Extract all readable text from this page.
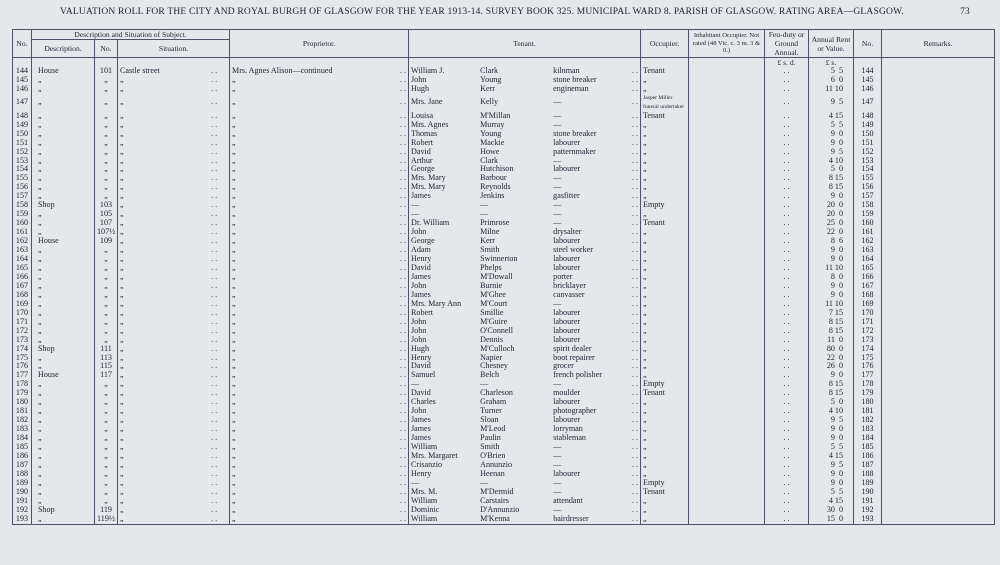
VALUATION ROLL FOR THE CITY AND ROYAL BURGH OF GLASGOW FOR THE YEAR 1913-14. SURVEY BOOK 325. MUNICIPAL WARD 8. PARISH OF GLASGOW. RATING AREA—GLASGOW.	73
No.	Description and Situation of Subject.			Proprietor.	Tenant.	Occupier.	Inhabitant Occupier. Not rated (48 Vic. c. 3 m. 3 & 0.)	Feu-duty or Ground Annual.	Annual Rent or Value.	No.	Remarks.
	Description.	No.	Situation.								
								£ s. d.	£ s.		
144	House	101	Castle street . .	Mrs. Agnes Alison—continued . .	William J. Clark kilnman . .	Tenant		. .	5  5	144	
145	„	„	„ . .	„ . .	John Young stone breaker . .	„		. .	6  0	145	
146	„	„	„ . .	„ . .	Hugh Kerr engineman . .	„		. .	11 10	146	
147	„	„	„ . .	„ . .	Mrs. Jane Kelly — . .	Jasper Miller funeral undertaker		. .	9  5	147	
148	„	„	„ . .	„ . .	Louisa M'Millan — . .	Tenant		. .	4 15	148	
149	„	„	„ . .	„ . .	Mrs. Agnes Murray — . .	„		. .	5  5	149	
150	„	„	„ . .	„ . .	Thomas Young stone breaker . .	„		. .	9  0	150	
151	„	„	„ . .	„ . .	Robert Mackie labourer . .	„		. .	9  0	151	
152	„	„	„ . .	„ . .	David Howe patternmaker . .	„		. .	9  5	152	
153	„	„	„ . .	„ . .	Arthur Clark — . .	„		. .	4 10	153	
154	„	„	„ . .	„ . .	George Hutchison labourer . .	„		. .	5  0	154	
155	„	„	„ . .	„ . .	Mrs. Mary Barbour — . .	„		. .	8 15	155	
156	„	„	„ . .	„ . .	Mrs. Mary Reynolds — . .	„		. .	8 15	156	
157	„	„	„ . .	„ . .	James Jenkins gasfitter . .	„		. .	9  0	157	
158	Shop	103	„ . .	„ . .	— — — . .	Empty		. .	20  0	158	
159	„	105	„ . .	„ . .	— — — . .	„		. .	20  0	159	
160	„	107	„ . .	„ . .	Dr. William Primrose — . .	Tenant		. .	25  0	160	
161	„	107½	„ . .	„ . .	John Milne drysalter . .	„		. .	22  0	161	
162	House	109	„ . .	„ . .	George Kerr labourer . .	„		. .	8  6	162	
163	„	„	„ . .	„ . .	Adam Smith steel worker . .	„		. .	9  0	163	
164	„	„	„ . .	„ . .	Henry Swinnerton labourer . .	„		. .	9  0	164	
165	„	„	„ . .	„ . .	David Phelps labourer . .	„		. .	11 10	165	
166	„	„	„ . .	„ . .	James M'Dowall porter . .	„		. .	8  0	166	
167	„	„	„ . .	„ . .	John Burnie bricklayer . .	„		. .	9  0	167	
168	„	„	„ . .	„ . .	James M'Ghee canvasser . .	„		. .	9  0	168	
169	„	„	„ . .	„ . .	Mrs. Mary Ann M'Court — . .	„		. .	11 10	169	
170	„	„	„ . .	„ . .	Robert Smillie labourer . .	„		. .	7 15	170	
171	„	„	„ . .	„ . .	John M'Guire labourer . .	„		. .	8 15	171	
172	„	„	„ . .	„ . .	John O'Connell labourer . .	„		. .	8 15	172	
173	„	„	„ . .	„ . .	John Dennis labourer . .	„		. .	11  0	173	
174	Shop	111	„ . .	„ . .	Hugh M'Culloch spirit dealer . .	„		. .	80  0	174	
175	„	113	„ . .	„ . .	Henry Napier boot repairer . .	„		. .	22  0	175	
176	„	115	„ . .	„ . .	David Chesney grocer . .	„		. .	26  0	176	
177	House	117	„ . .	„ . .	Samuel Belch french polisher . .	„		. .	9  0	177	
178	„	„	„ . .	„ . .	— — — . .	Empty		. .	8 15	178	
179	„	„	„ . .	„ . .	David Charleson moulder . .	Tenant		. .	8 15	179	
180	„	„	„ . .	„ . .	Charles Graham labourer . .	„		. .	5  0	180	
181	„	„	„ . .	„ . .	John Turner photographer . .	„		. .	4 10	181	
182	„	„	„ . .	„ . .	James Sloan labourer . .	„		. .	9  5	182	
183	„	„	„ . .	„ . .	James M'Leod lorryman . .	„		. .	9  0	183	
184	„	„	„ . .	„ . .	James Paulin stableman . .	„		. .	9  0	184	
185	„	„	„ . .	„ . .	William Smith — . .	„		. .	5  5	185	
186	„	„	„ . .	„ . .	Mrs. Margaret O'Brien — . .	„		. .	4 15	186	
187	„	„	„ . .	„ . .	Crisanzio Annunzio — . .	„		. .	9  5	187	
188	„	„	„ . .	„ . .	Henry Heenan labourer . .	„		. .	9  0	188	
189	„	„	„ . .	„ . .	— — — . .	Empty		. .	9  0	189	
190	„	„	„ . .	„ . .	Mrs. M. M'Dermid — . .	Tenant		. .	5  5	190	
191	„	„	„ . .	„ . .	William Carstairs attendant . .	„		. .	4 15	191	
192	Shop	119	„ . .	„ . .	Dominic D'Annunzio — . .	„		. .	30  0	192	
193	„	119½	„ . .	„ . .	William M'Kenna hairdresser . .	„		. .	15  0	193	
